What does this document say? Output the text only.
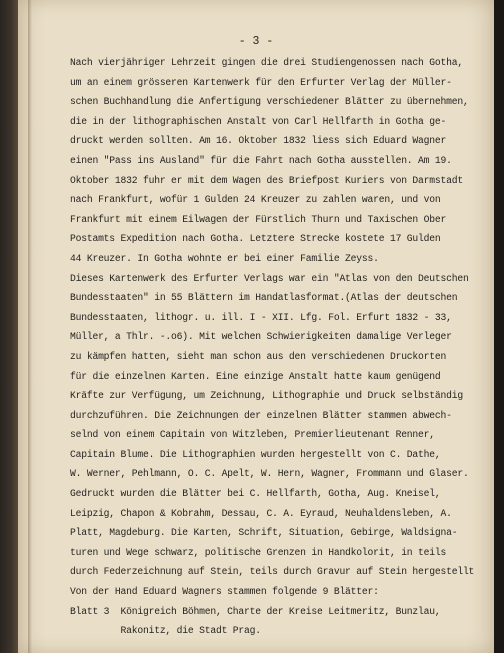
- 3 -
Nach vierjähriger Lehrzeit gingen die drei Studiengenossen nach Gotha,
um an einem grösseren Kartenwerk für den Erfurter Verlag der Müller-
schen Buchhandlung die Anfertigung verschiedener Blätter zu übernehmen,
die in der lithographischen Anstalt von Carl Hellfarth in Gotha ge-
druckt werden sollten. Am 16. Oktober 1832 liess sich Eduard Wagner
einen "Pass ins Ausland" für die Fahrt nach Gotha ausstellen. Am 19.
Oktober 1832 fuhr er mit dem Wagen des Briefpost Kuriers von Darmstadt
nach Frankfurt, wofür 1 Gulden 24 Kreuzer zu zahlen waren, und von
Frankfurt mit einem Eilwagen der Fürstlich Thurn und Taxischen Ober
Postamts Expedition nach Gotha. Letztere Strecke kostete 17 Gulden
44 Kreuzer. In Gotha wohnte er bei einer Familie Zeyss.
Dieses Kartenwerk des Erfurter Verlags war ein "Atlas von den Deutschen
Bundesstaaten" in 55 Blättern im Handatlasformat.(Atlas der deutschen
Bundesstaaten, lithogr. u. ill. I - XII. Lfg. Fol. Erfurt 1832 - 33,
Müller, a Thlr. -.o6). Mit welchen Schwierigkeiten damalige Verleger
zu kämpfen hatten, sieht man schon aus den verschiedenen Druckorten
für die einzelnen Karten. Eine einzige Anstalt hatte kaum genügend
Kräfte zur Verfügung, um Zeichnung, Lithographie und Druck selbständig
durchzuführen. Die Zeichnungen der einzelnen Blätter stammen abwech-
selnd von einem Capitain von Witzleben, Premierlieutenant Renner,
Capitain Blume. Die Lithographien wurden hergestellt von C. Dathe,
W. Werner, Pehlmann, O. C. Apelt, W. Hern, Wagner, Frommann und Glaser.
Gedruckt wurden die Blätter bei C. Hellfarth, Gotha, Aug. Kneisel,
Leipzig, Chapon & Kobrahm, Dessau, C. A. Eyraud, Neuhaldensleben, A.
Platt, Magdeburg. Die Karten, Schrift, Situation, Gebirge, Waldsigna-
turen und Wege schwarz, politische Grenzen in Handkolorit, in teils
durch Federzeichnung auf Stein, teils durch Gravur auf Stein hergestellt
Von der Hand Eduard Wagners stammen folgende 9 Blätter:
Blatt 3  Königreich Böhmen, Charte der Kreise Leitmeritz, Bunzlau,
Rakonitz, die Stadt Prag.
